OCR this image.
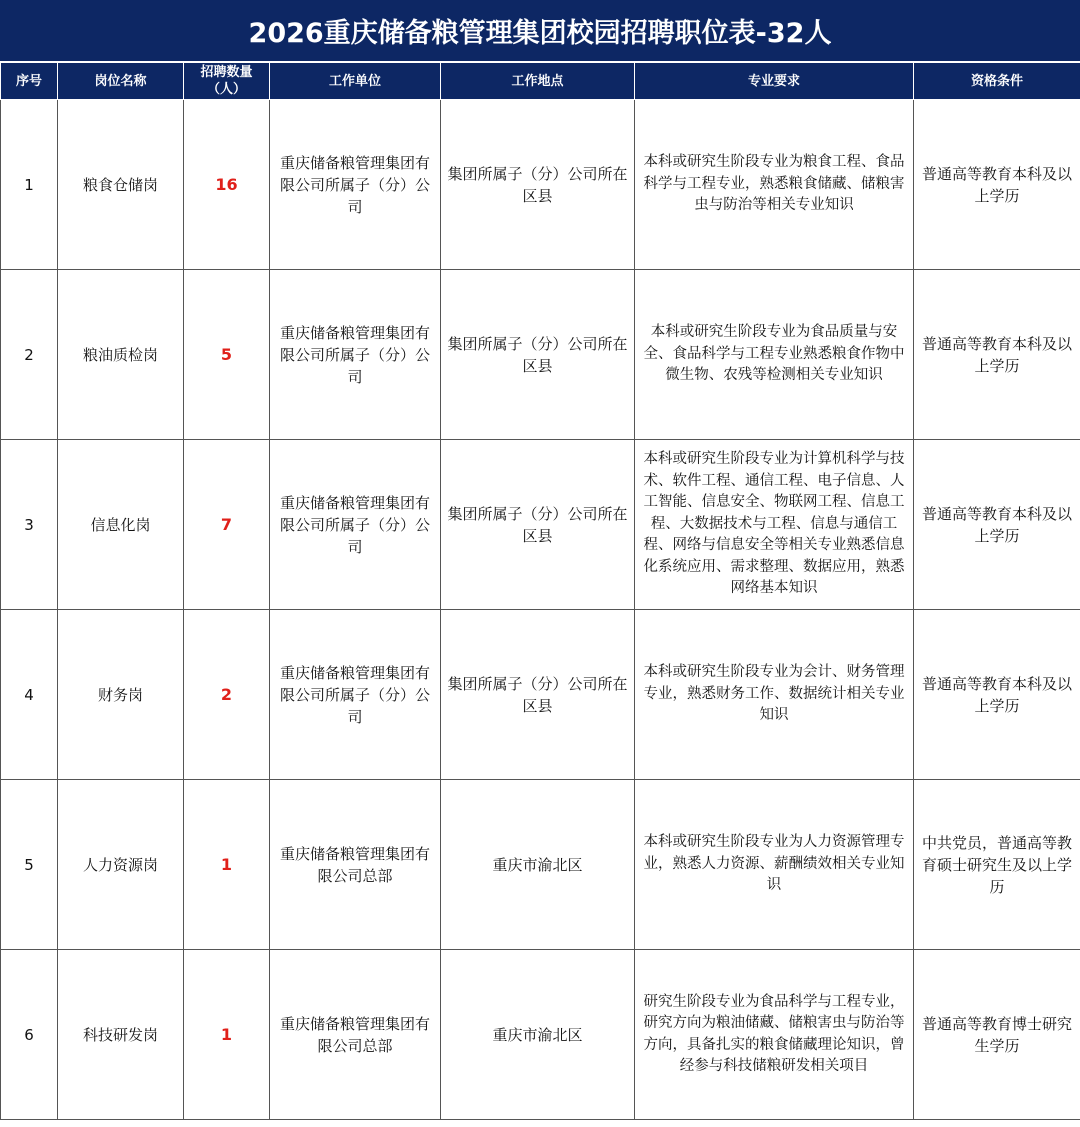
2026重庆储备粮管理集团校园招聘职位表-32人
序号	岗位名称	招聘数量（人）	工作单位	工作地点	专业要求	资格条件
1	粮食仓储岗	16	重庆储备粮管理集团有限公司所属子（分）公司	集团所属子（分）公司所在区县	本科或研究生阶段专业为粮食工程、食品科学与工程专业，熟悉粮食储藏、储粮害虫与防治等相关专业知识	普通高等教育本科及以上学历
2	粮油质检岗	5	重庆储备粮管理集团有限公司所属子（分）公司	集团所属子（分）公司所在区县	本科或研究生阶段专业为食品质量与安全、食品科学与工程专业熟悉粮食作物中微生物、农残等检测相关专业知识	普通高等教育本科及以上学历
3	信息化岗	7	重庆储备粮管理集团有限公司所属子（分）公司	集团所属子（分）公司所在区县	本科或研究生阶段专业为计算机科学与技术、软件工程、通信工程、电子信息、人工智能、信息安全、物联网工程、信息工程、大数据技术与工程、信息与通信工程、网络与信息安全等相关专业熟悉信息化系统应用、需求整理、数据应用，熟悉网络基本知识	普通高等教育本科及以上学历
4	财务岗	2	重庆储备粮管理集团有限公司所属子（分）公司	集团所属子（分）公司所在区县	本科或研究生阶段专业为会计、财务管理专业，熟悉财务工作、数据统计相关专业知识	普通高等教育本科及以上学历
5	人力资源岗	1	重庆储备粮管理集团有限公司总部	重庆市渝北区	本科或研究生阶段专业为人力资源管理专业，熟悉人力资源、薪酬绩效相关专业知识	中共党员，普通高等教育硕士研究生及以上学历
6	科技研发岗	1	重庆储备粮管理集团有限公司总部	重庆市渝北区	研究生阶段专业为食品科学与工程专业，研究方向为粮油储藏、储粮害虫与防治等方向，具备扎实的粮食储藏理论知识，曾经参与科技储粮研发相关项目	普通高等教育博士研究生学历
